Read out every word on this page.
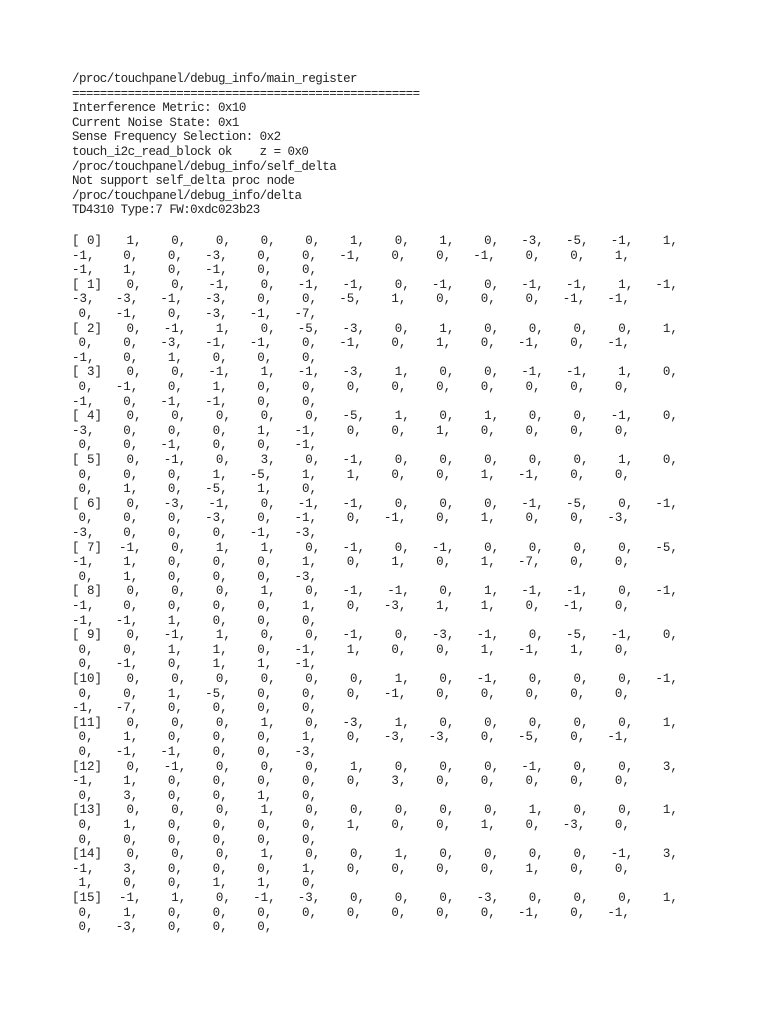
/proc/touchpanel/debug_info/main_register
==================================================
Interference Metric: 0x10
Current Noise State: 0x1
Sense Frequency Selection: 0x2
touch_i2c_read_block ok    z = 0x0
/proc/touchpanel/debug_info/self_delta
Not support self_delta proc node
/proc/touchpanel/debug_info/delta
TD4310 Type:7 FW:0xdc023b23
[ 0] 1, 0, 0, 0, 0, 1, 0, 1, 0, -3, -5, -1, 1,
-1, 0, 0, -3, 0, 0, -1, 0, 0, -1, 0, 0, 1,
-1, 1, 0, -1, 0, 0,
[ 1] 0, 0, -1, 0, -1, -1, 0, -1, 0, -1, -1, 1, -1,
-3, -3, -1, -3, 0, 0, -5, 1, 0, 0, 0, -1, -1,
0, -1, 0, -3, -1, -7,
[ 2] 0, -1, 1, 0, -5, -3, 0, 1, 0, 0, 0, 0, 1,
0, 0, -3, -1, -1, 0, -1, 0, 1, 0, -1, 0, -1,
-1, 0, 1, 0, 0, 0,
[ 3] 0, 0, -1, 1, -1, -3, 1, 0, 0, -1, -1, 1, 0,
0, -1, 0, 1, 0, 0, 0, 0, 0, 0, 0, 0, 0,
-1, 0, -1, -1, 0, 0,
[ 4] 0, 0, 0, 0, 0, -5, 1, 0, 1, 0, 0, -1, 0,
-3, 0, 0, 0, 1, -1, 0, 0, 1, 0, 0, 0, 0,
0, 0, -1, 0, 0, -1,
[ 5] 0, -1, 0, 3, 0, -1, 0, 0, 0, 0, 0, 1, 0,
0, 0, 0, 1, -5, 1, 1, 0, 0, 1, -1, 0, 0,
0, 1, 0, -5, 1, 0,
[ 6] 0, -3, -1, 0, -1, -1, 0, 0, 0, -1, -5, 0, -1,
0, 0, 0, -3, 0, -1, 0, -1, 0, 1, 0, 0, -3,
-3, 0, 0, 0, -1, -3,
[ 7] -1, 0, 1, 1, 0, -1, 0, -1, 0, 0, 0, 0, -5,
-1, 1, 0, 0, 0, 1, 0, 1, 0, 1, -7, 0, 0,
0, 1, 0, 0, 0, -3,
[ 8] 0, 0, 0, 1, 0, -1, -1, 0, 1, -1, -1, 0, -1,
-1, 0, 0, 0, 0, 1, 0, -3, 1, 1, 0, -1, 0,
-1, -1, 1, 0, 0, 0,
[ 9] 0, -1, 1, 0, 0, -1, 0, -3, -1, 0, -5, -1, 0,
0, 0, 1, 1, 0, -1, 1, 0, 0, 1, -1, 1, 0,
0, -1, 0, 1, 1, -1,
[10] 0, 0, 0, 0, 0, 0, 1, 0, -1, 0, 0, 0, -1,
0, 0, 1, -5, 0, 0, 0, -1, 0, 0, 0, 0, 0,
-1, -7, 0, 0, 0, 0,
[11] 0, 0, 0, 1, 0, -3, 1, 0, 0, 0, 0, 0, 1,
0, 1, 0, 0, 0, 1, 0, -3, -3, 0, -5, 0, -1,
0, -1, -1, 0, 0, -3,
[12] 0, -1, 0, 0, 0, 1, 0, 0, 0, -1, 0, 0, 3,
-1, 1, 0, 0, 0, 0, 0, 3, 0, 0, 0, 0, 0,
0, 3, 0, 0, 1, 0,
[13] 0, 0, 0, 1, 0, 0, 0, 0, 0, 1, 0, 0, 1,
0, 1, 0, 0, 0, 0, 1, 0, 0, 1, 0, -3, 0,
0, 0, 0, 0, 0, 0,
[14] 0, 0, 0, 1, 0, 0, 1, 0, 0, 0, 0, -1, 3,
-1, 3, 0, 0, 0, 1, 0, 0, 0, 0, 1, 0, 0,
1, 0, 0, 1, 1, 0,
[15] -1, 1, 0, -1, -3, 0, 0, 0, -3, 0, 0, 0, 1,
0, 1, 0, 0, 0, 0, 0, 0, 0, 0, -1, 0, -1,
0, -3, 0, 0, 0,
